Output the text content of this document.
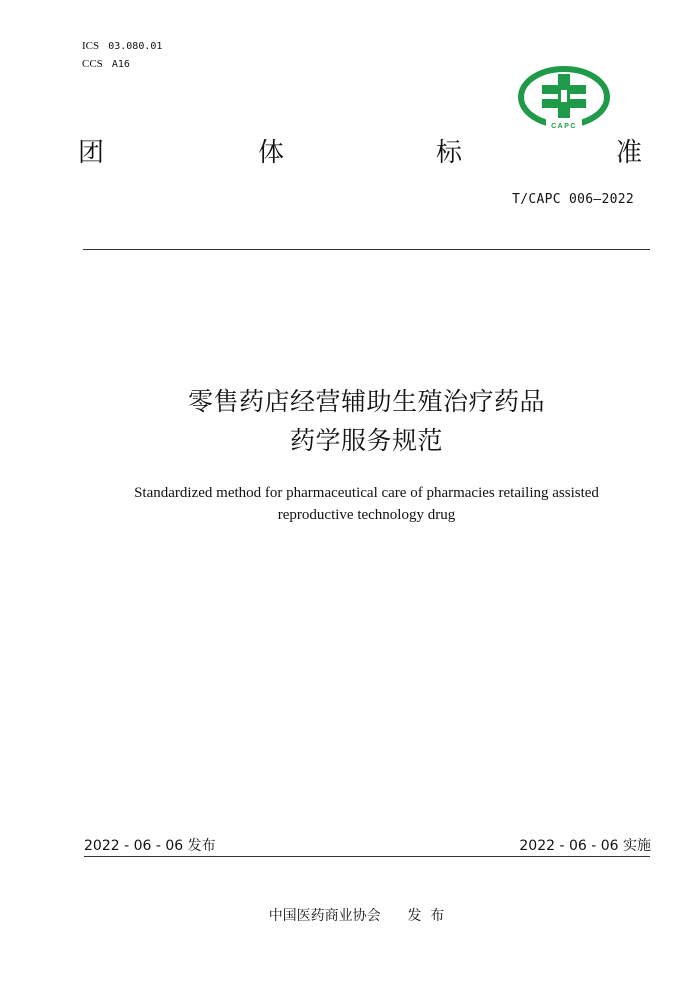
ICS 03.080.01
CCS A16
CAPC
团	体	标	准
T/CAPC 006—2022
零售药店经营辅助生殖治疗药品
药学服务规范
Standardized method for pharmaceutical care of pharmacies retailing assisted
reproductive technology drug
2022 - 06 - 06 发布	2022 - 06 - 06 实施
中国医药商业协会      发  布
